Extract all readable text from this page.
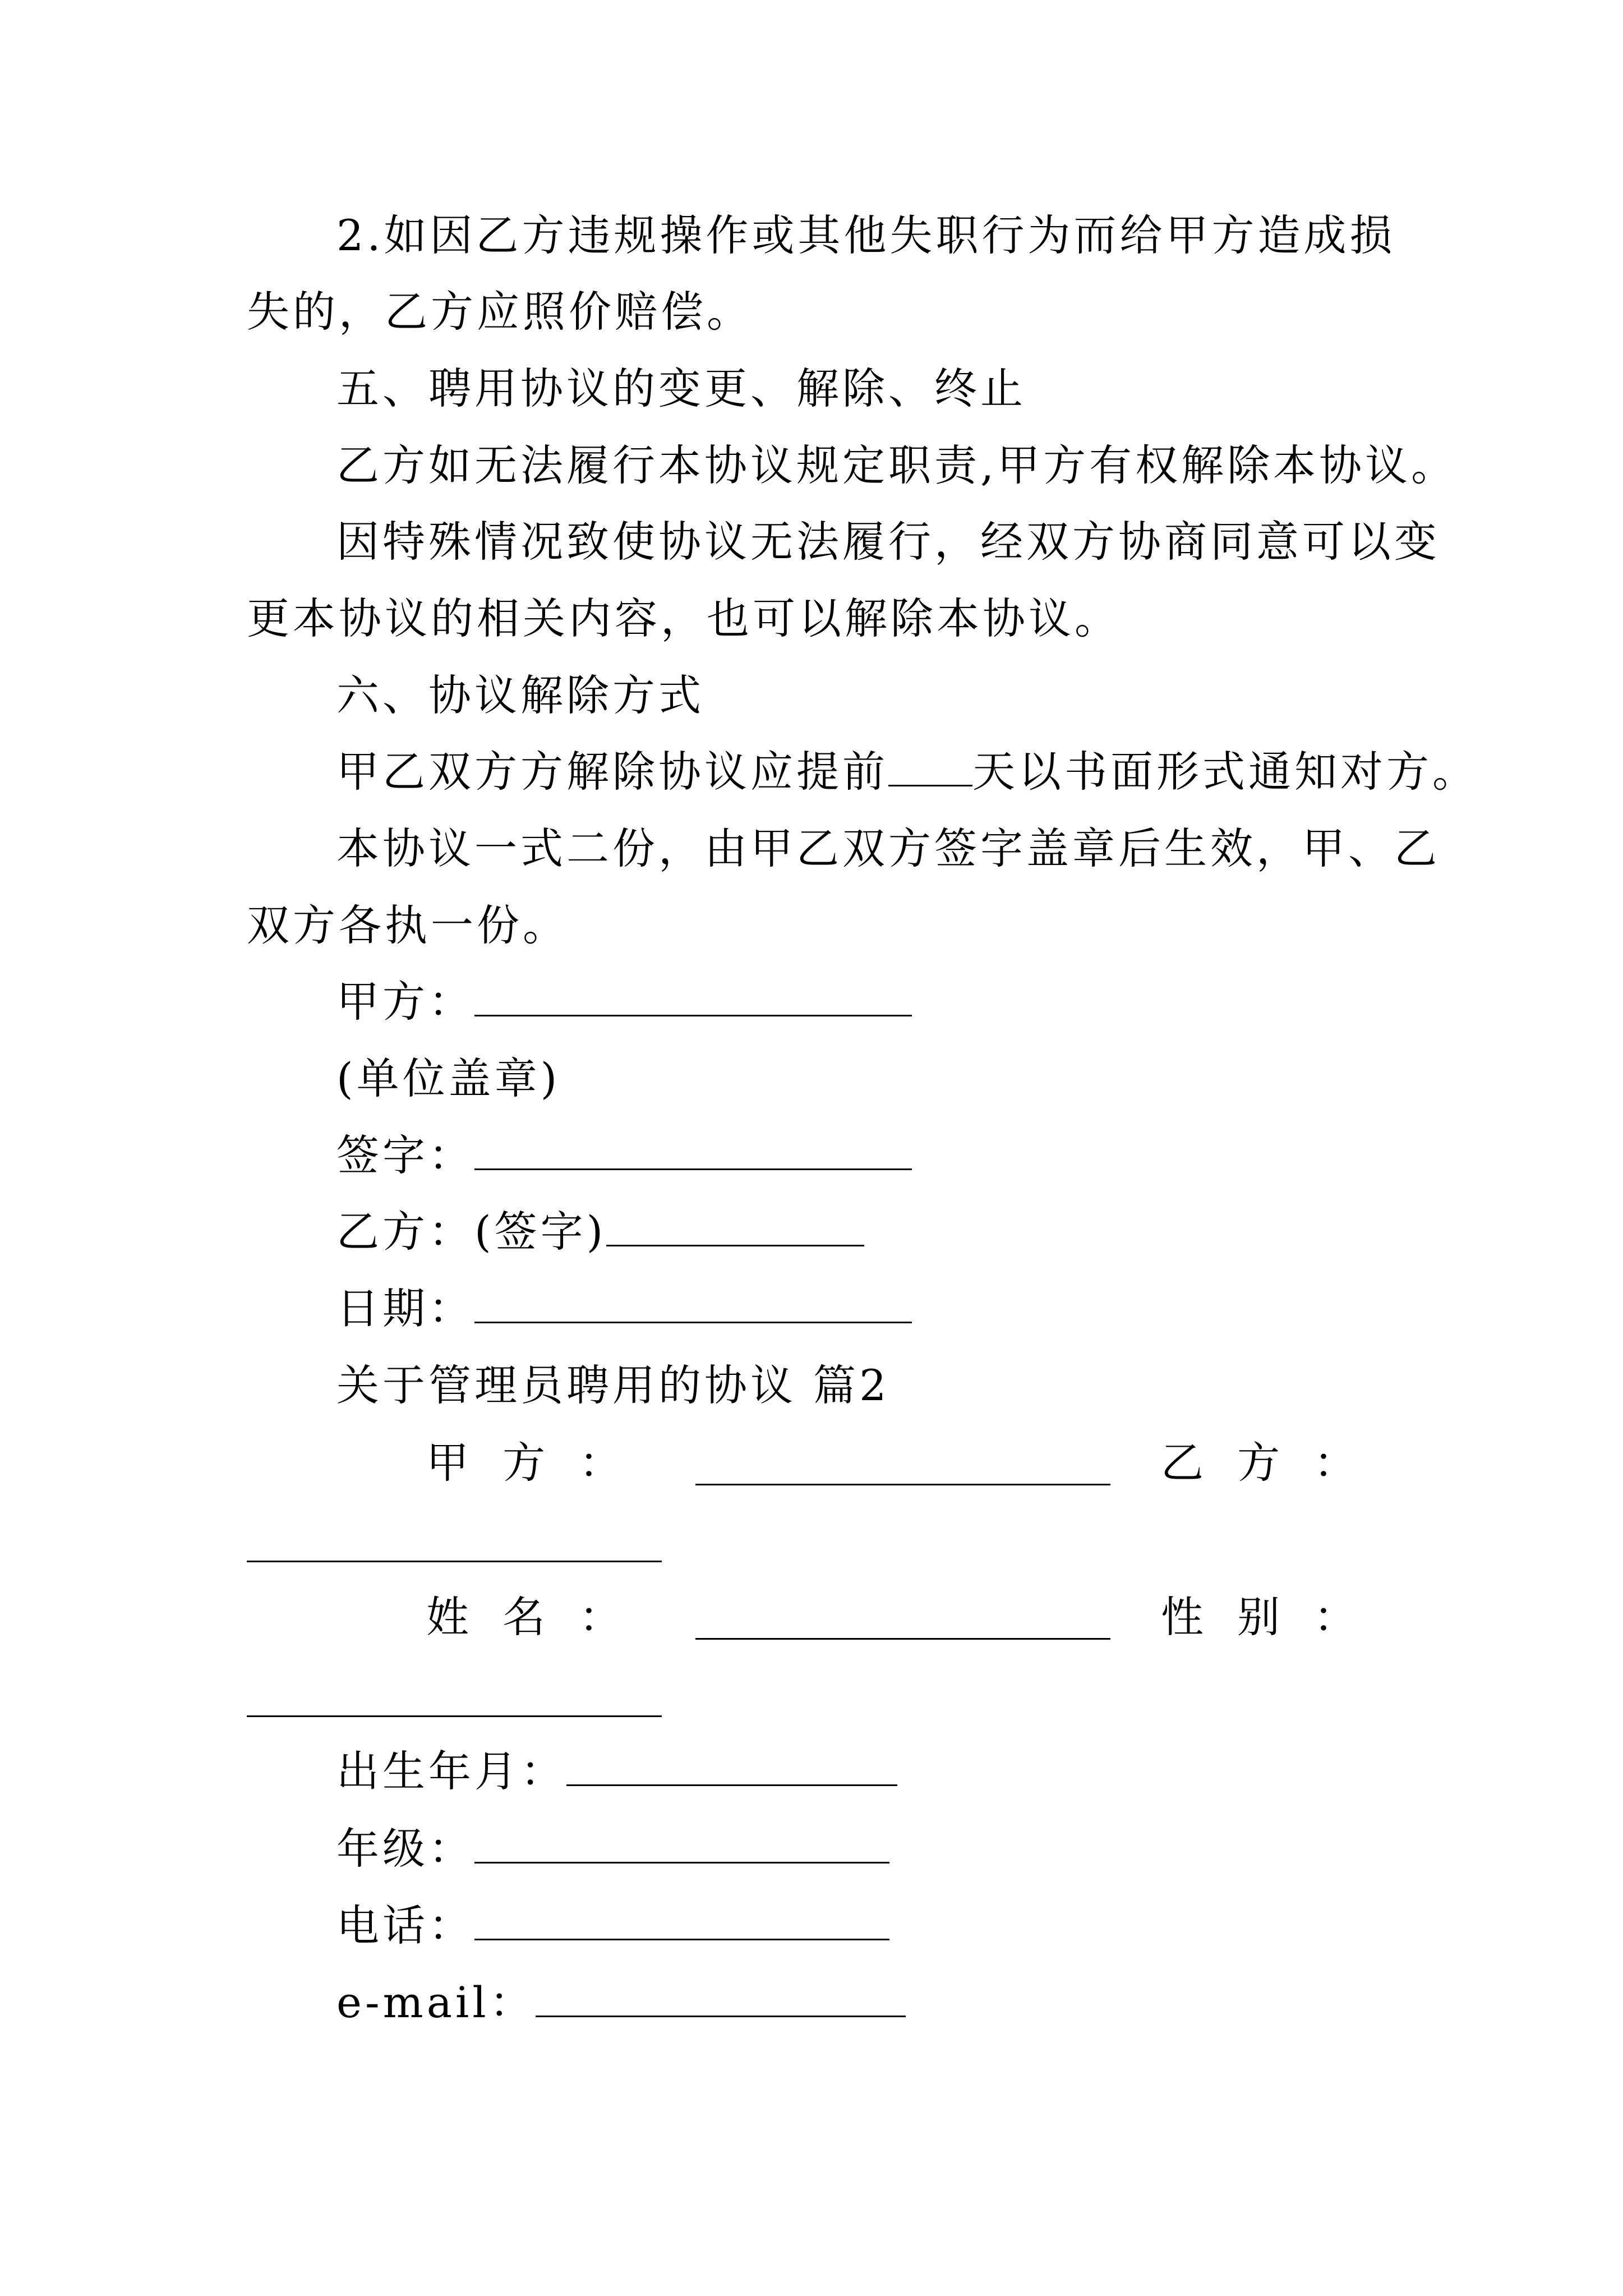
2.如因乙方违规操作或其他失职行为而给甲方造成损
失的，乙方应照价赔偿。
五、聘用协议的变更、解除、终止
乙方如无法履行本协议规定职责,甲方有权解除本协议。
因特殊情况致使协议无法履行，经双方协商同意可以变
更本协议的相关内容，也可以解除本协议。
六、协议解除方式
甲乙双方方解除协议应提前 天以书面形式通知对方。
本协议一式二份，由甲乙双方签字盖章后生效，甲、乙
双方各执一份。
甲方：
(单位盖章)
签字：
乙方：(签字)
日期：
关于管理员聘用的协议 篇2
甲 方 ：	乙 方 ：
姓 名 ：	性 别 ：
出生年月：
年级：
电话：
e-mail：
